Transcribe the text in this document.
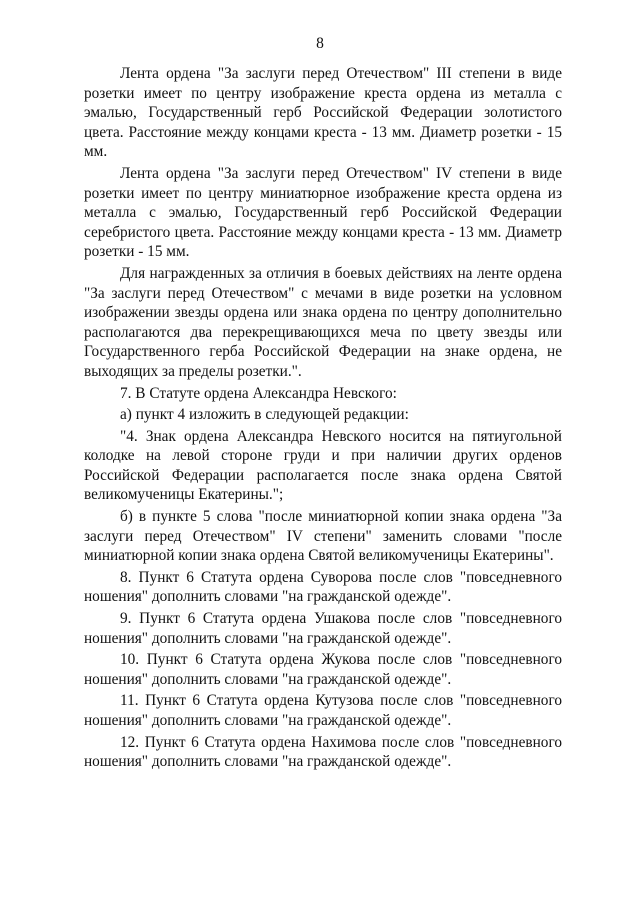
8

Лента ордена "За заслуги перед Отечеством" III степени в виде розетки имеет по центру изображение креста ордена из металла с эмалью, Государственный герб Российской Федерации золотистого цвета. Расстояние между концами креста - 13 мм. Диаметр розетки - 15 мм.

Лента ордена "За заслуги перед Отечеством" IV степени в виде розетки имеет по центру миниатюрное изображение креста ордена из металла с эмалью, Государственный герб Российской Федерации серебристого цвета. Расстояние между концами креста - 13 мм. Диаметр розетки - 15 мм.

Для награжденных за отличия в боевых действиях на ленте ордена "За заслуги перед Отечеством" с мечами в виде розетки на условном изображении звезды ордена или знака ордена по центру дополнительно располагаются два перекрещивающихся меча по цвету звезды или Государственного герба Российской Федерации на знаке ордена, не выходящих за пределы розетки.".

7. В Статуте ордена Александра Невского:

а) пункт 4 изложить в следующей редакции:

"4. Знак ордена Александра Невского носится на пятиугольной колодке на левой стороне груди и при наличии других орденов Российской Федерации располагается после знака ордена Святой великомученицы Екатерины.";

б) в пункте 5 слова "после миниатюрной копии знака ордена "За заслуги перед Отечеством" IV степени" заменить словами "после миниатюрной копии знака ордена Святой великомученицы Екатерины".

8. Пункт 6 Статута ордена Суворова после слов "повседневного ношения" дополнить словами "на гражданской одежде".

9. Пункт 6 Статута ордена Ушакова после слов "повседневного ношения" дополнить словами "на гражданской одежде".

10. Пункт 6 Статута ордена Жукова после слов "повседневного ношения" дополнить словами "на гражданской одежде".

11. Пункт 6 Статута ордена Кутузова после слов "повседневного ношения" дополнить словами "на гражданской одежде".

12. Пункт 6 Статута ордена Нахимова после слов "повседневного ношения" дополнить словами "на гражданской одежде".
